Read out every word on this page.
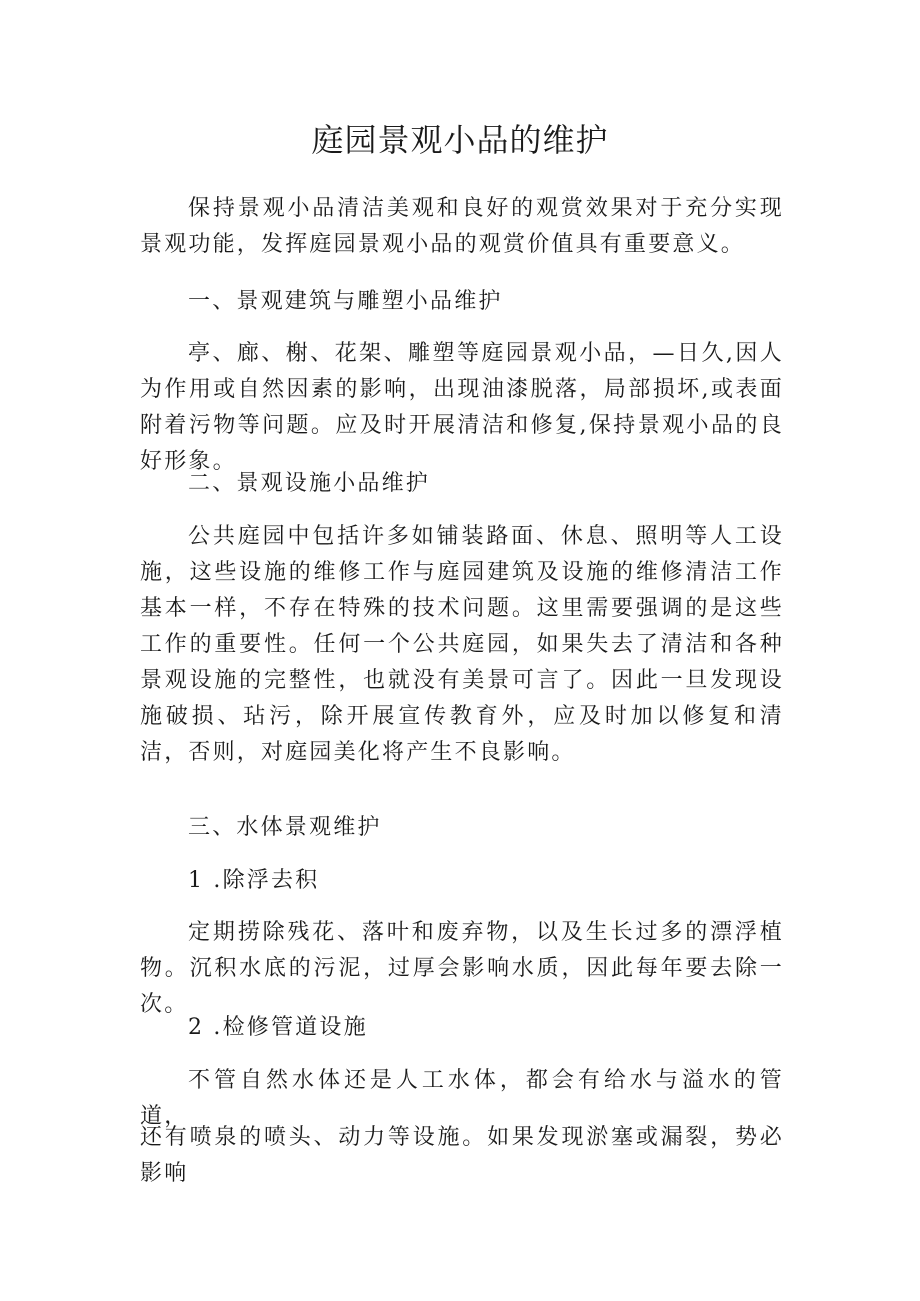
庭园景观小品的维护

保持景观小品清洁美观和良好的观赏效果对于充分实现景观功能，发挥庭园景观小品的观赏价值具有重要意义。

一、景观建筑与雕塑小品维护

亭、廊、榭、花架、雕塑等庭园景观小品，—日久,因人为作用或自然因素的影响，出现油漆脱落，局部损坏,或表面附着污物等问题。应及时开展清洁和修复,保持景观小品的良好形象。

二、景观设施小品维护

公共庭园中包括许多如铺装路面、休息、照明等人工设施，这些设施的维修工作与庭园建筑及设施的维修清洁工作基本一样，不存在特殊的技术问题。这里需要强调的是这些工作的重要性。任何一个公共庭园，如果失去了清洁和各种景观设施的完整性，也就没有美景可言了。因此一旦发现设施破损、玷污，除开展宣传教育外，应及时加以修复和清洁，否则，对庭园美化将产生不良影响。

三、水体景观维护
1 .除浮去积

定期捞除残花、落叶和废弃物，以及生长过多的漂浮植物。沉积水底的污泥，过厚会影响水质，因此每年要去除一次。

2 .检修管道设施

不管自然水体还是人工水体，都会有给水与溢水的管道，

还有喷泉的喷头、动力等设施。如果发现淤塞或漏裂，势必影响
